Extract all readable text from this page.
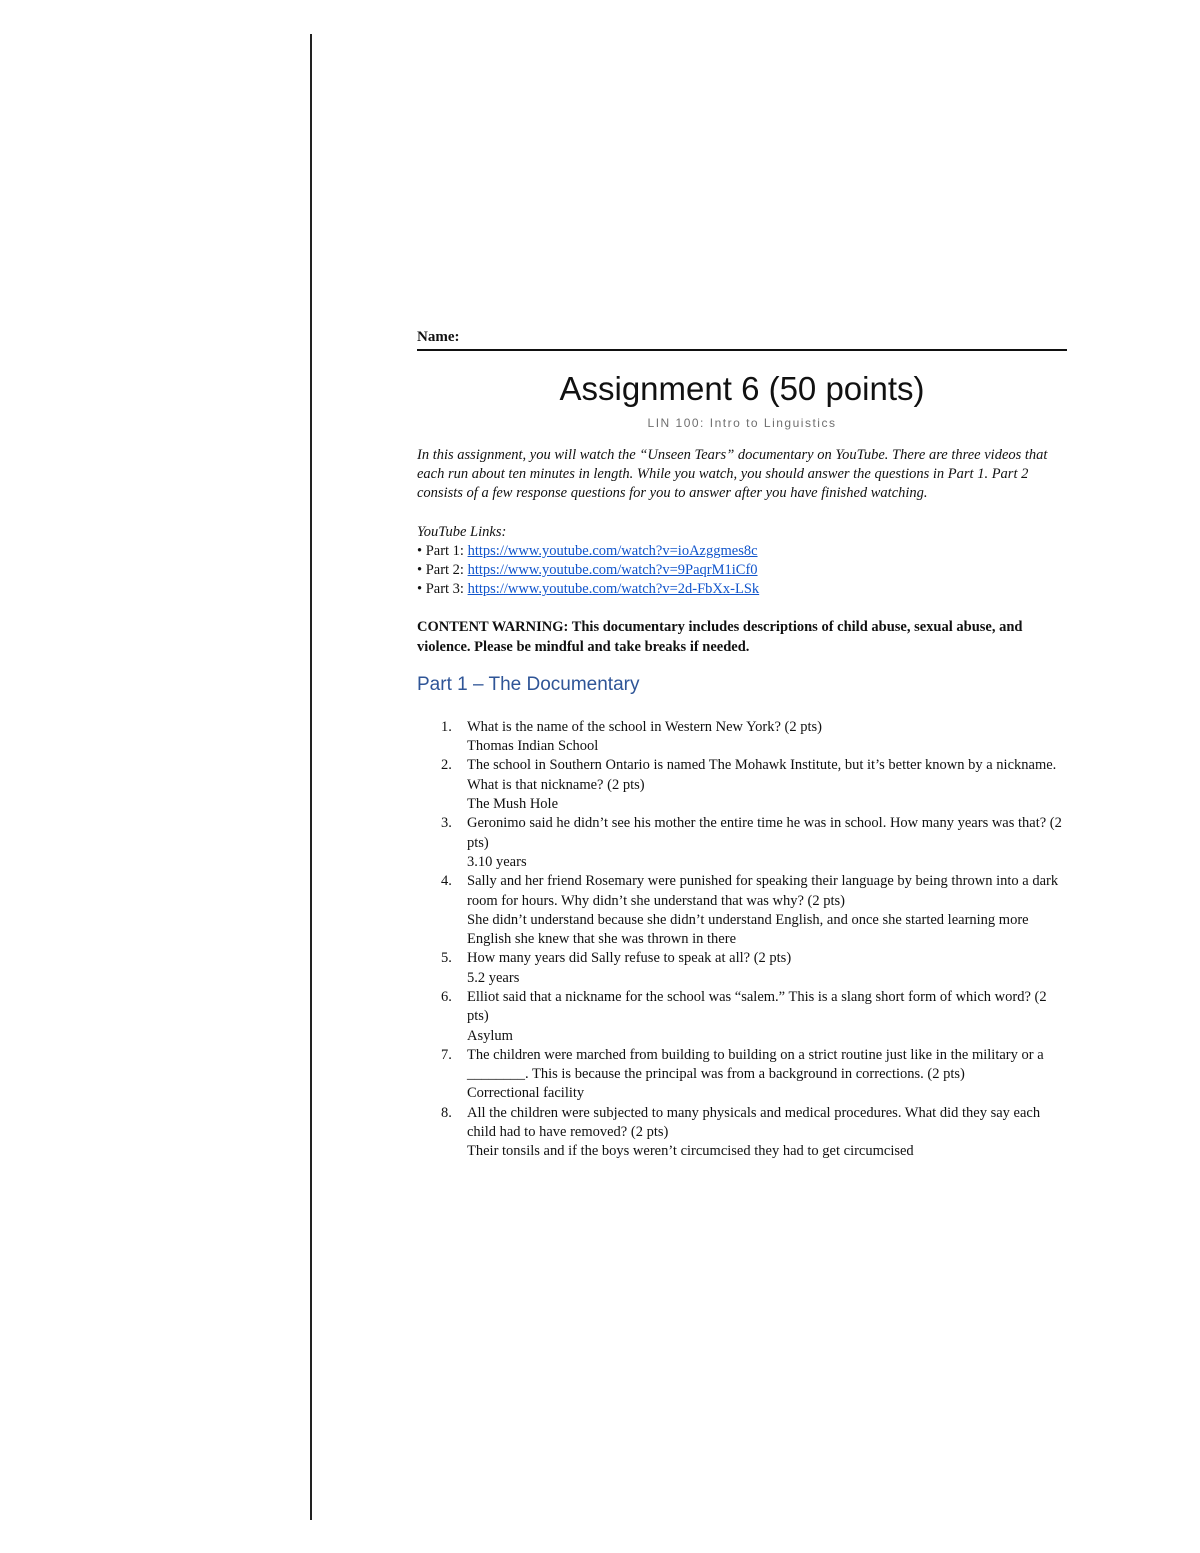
Name:

Assignment 6 (50 points)

LIN 100: Intro to Linguistics

In this assignment, you will watch the “Unseen Tears” documentary on YouTube. There are three videos that each run about ten minutes in length. While you watch, you should answer the questions in Part 1. Part 2 consists of a few response questions for you to answer after you have finished watching.

YouTube Links:

• Part 1: https://www.youtube.com/watch?v=ioAzggmes8c

• Part 2: https://www.youtube.com/watch?v=9PaqrM1iCf0

• Part 3: https://www.youtube.com/watch?v=2d-FbXx-LSk

CONTENT WARNING: This documentary includes descriptions of child abuse, sexual abuse, and violence. Please be mindful and take breaks if needed.

Part 1 – The Documentary
1. What is the name of the school in Western New York? (2 pts)
Thomas Indian School
2. The school in Southern Ontario is named The Mohawk Institute, but it’s better known by a nickname. What is that nickname? (2 pts)
The Mush Hole
3. Geronimo said he didn’t see his mother the entire time he was in school. How many years was that? (2 pts)
3.10 years
4. Sally and her friend Rosemary were punished for speaking their language by being thrown into a dark room for hours. Why didn’t she understand that was why? (2 pts)
She didn’t understand because she didn’t understand English, and once she started learning more English she knew that she was thrown in there
5. How many years did Sally refuse to speak at all? (2 pts)
5.2 years
6. Elliot said that a nickname for the school was “salem.” This is a slang short form of which word? (2 pts)
Asylum
7. The children were marched from building to building on a strict routine just like in the military or a ________. This is because the principal was from a background in corrections. (2 pts)
Correctional facility
8. All the children were subjected to many physicals and medical procedures. What did they say each child had to have removed? (2 pts)
Their tonsils and if the boys weren’t circumcised they had to get circumcised
